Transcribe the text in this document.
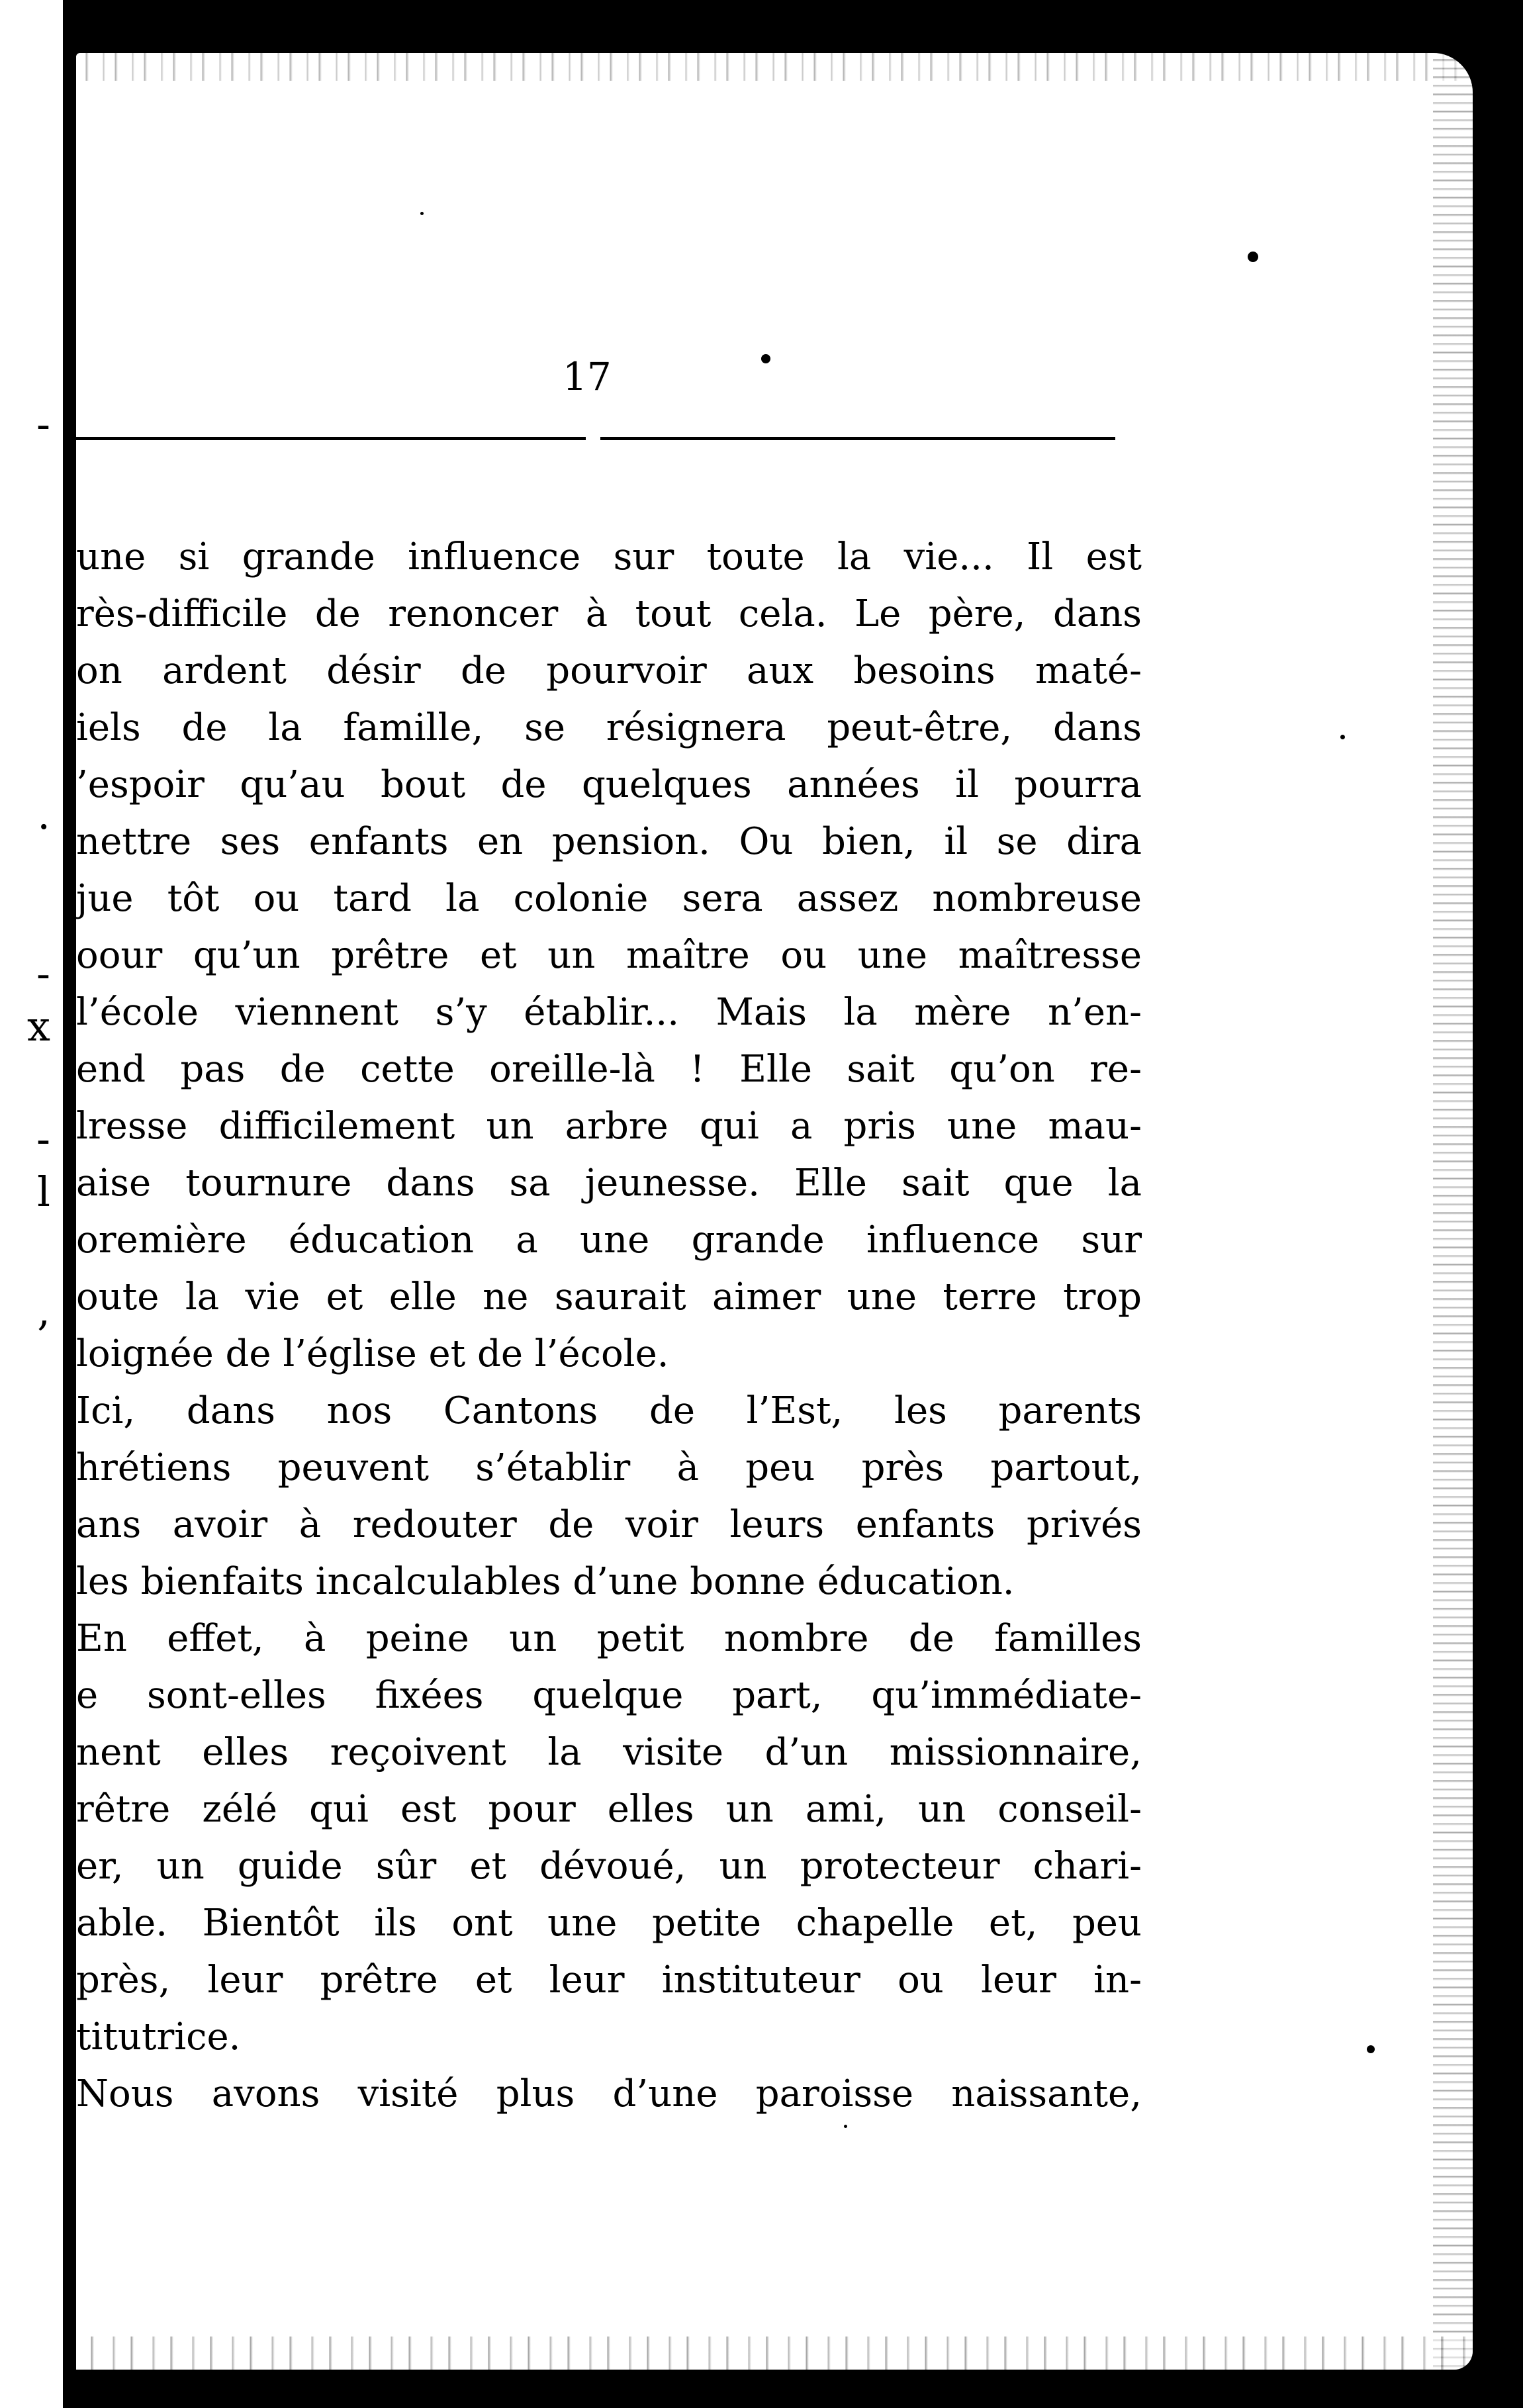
-
.
-
x
-
l
,
17
une si grande influence sur toute la vie... Il est
rès-difficile de renoncer à tout cela. Le père, dans
on ardent désir de pourvoir aux besoins maté-
iels de la famille, se résignera peut-être, dans
’espoir qu’au bout de quelques années il pourra
nettre ses enfants en pension. Ou bien, il se dira
jue tôt ou tard la colonie sera assez nombreuse
oour qu’un prêtre et un maître ou une maîtresse
l’école viennent s’y établir... Mais la mère n’en-
end pas de cette oreille-là ! Elle sait qu’on re-
lresse difficilement un arbre qui a pris une mau-
aise tournure dans sa jeunesse. Elle sait que la
oremière éducation a une grande influence sur
oute la vie et elle ne saurait aimer une terre trop
loignée de l’église et de l’école.
Ici, dans nos Cantons de l’Est, les parents
hrétiens peuvent s’établir à peu près partout,
ans avoir à redouter de voir leurs enfants privés
les bienfaits incalculables d’une bonne éducation.
En effet, à peine un petit nombre de familles
e sont-elles fixées quelque part, qu’immédiate-
nent elles reçoivent la visite d’un missionnaire,
rêtre zélé qui est pour elles un ami, un conseil-
er, un guide sûr et dévoué, un protecteur chari-
able. Bientôt ils ont une petite chapelle et, peu
près, leur prêtre et leur instituteur ou leur in-
titutrice.
Nous avons visité plus d’une paroisse naissante,
